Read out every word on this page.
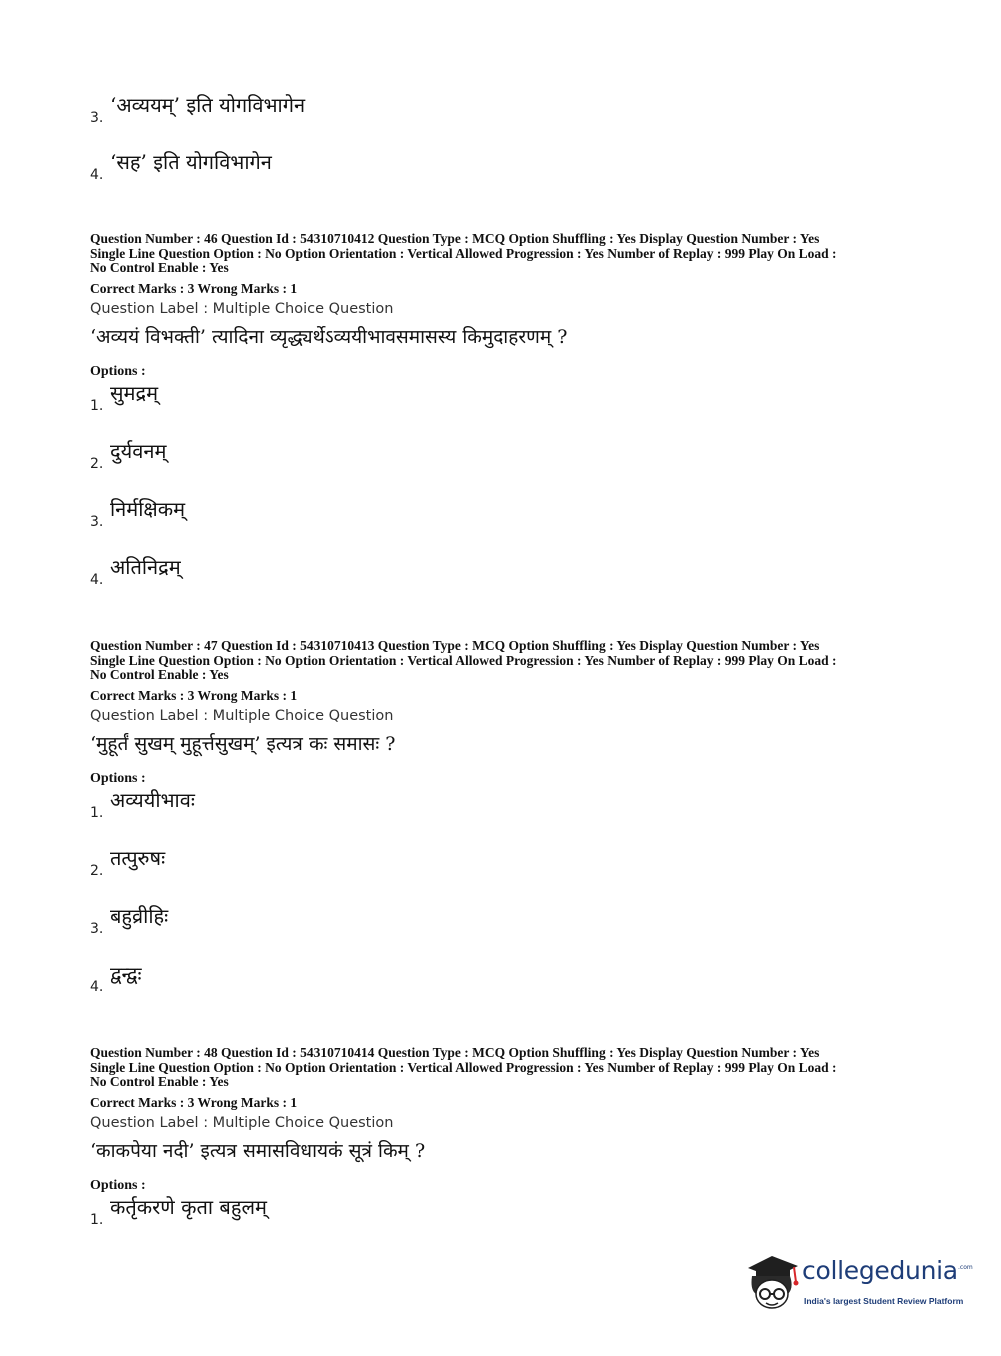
3.
‘अव्ययम्’ इति योगविभागेन
4.
‘सह’ इति योगविभागेन

Question Number : 46 Question Id : 54310710412 Question Type : MCQ Option Shuffling : Yes Display Question Number : Yes

Single Line Question Option : No Option Orientation : Vertical Allowed Progression : Yes Number of Replay : 999 Play On Load :

No Control Enable : Yes

Correct Marks : 3 Wrong Marks : 1
Question Label : Multiple Choice Question
‘अव्ययं विभक्ती’ त्यादिना व्यृद्ध्यर्थेऽव्ययीभावसमासस्य किमुदाहरणम् ?
Options :
1.
सुमद्रम्
2.
दुर्यवनम्
3.
निर्मक्षिकम्
4.
अतिनिद्रम्

Question Number : 47 Question Id : 54310710413 Question Type : MCQ Option Shuffling : Yes Display Question Number : Yes

Single Line Question Option : No Option Orientation : Vertical Allowed Progression : Yes Number of Replay : 999 Play On Load :

No Control Enable : Yes

Correct Marks : 3 Wrong Marks : 1
Question Label : Multiple Choice Question
‘मुहूर्तं सुखम् मुहूर्त्तसुखम्’ इत्यत्र कः समासः ?
Options :
1.
अव्ययीभावः
2.
तत्पुरुषः
3.
बहुव्रीहिः
4.
द्वन्द्वः

Question Number : 48 Question Id : 54310710414 Question Type : MCQ Option Shuffling : Yes Display Question Number : Yes

Single Line Question Option : No Option Orientation : Vertical Allowed Progression : Yes Number of Replay : 999 Play On Load :

No Control Enable : Yes

Correct Marks : 3 Wrong Marks : 1
Question Label : Multiple Choice Question
‘काकपेया नदी’ इत्यत्र समासविधायकं सूत्रं किम् ?
Options :
1.
कर्तृकरणे कृता बहुलम्
collegedunia .com
India's largest Student Review Platform
